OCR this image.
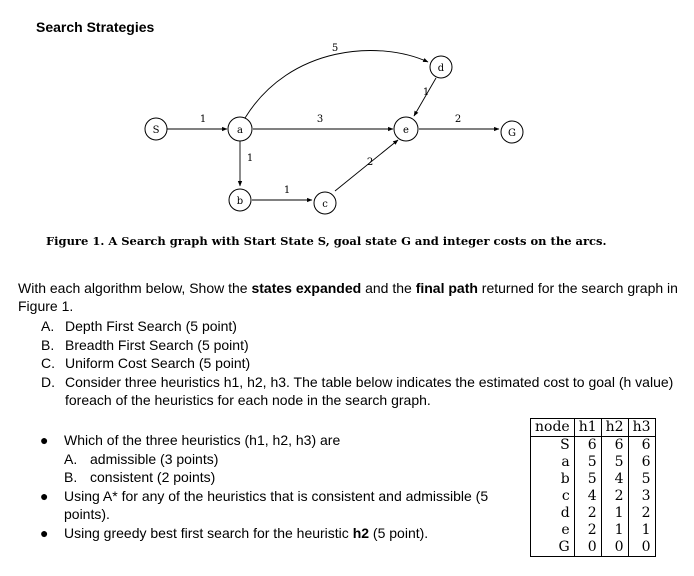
Search Strategies
1
5
3
1
2
1
1
2
S	a
d
e	G
b	c
Figure 1. A Search graph with Start State S, goal state G and integer costs on the arcs.
With each algorithm below, Show the states expanded and the final path returned for the search graph in Figure 1.
A. Depth First Search (5 point)
B. Breadth First Search (5 point)
C. Uniform Cost Search (5 point)
D. Consider three heuristics h1, h2, h3. The table below indicates the estimated cost to goal (h value) foreach of the heuristics for each node in the search graph.
● Which of the three heuristics (h1, h2, h3) are
A. admissible (3 points)
B. consistent (2 points)
● Using A* for any of the heuristics that is consistent and admissible (5 points).
● Using greedy best first search for the heuristic h2 (5 point).
node	h1	h2	h3
S	6	6	6
a	5	5	6
b	5	4	5
c	4	2	3
d	2	1	2
e	2	1	1
G	0	0	0
